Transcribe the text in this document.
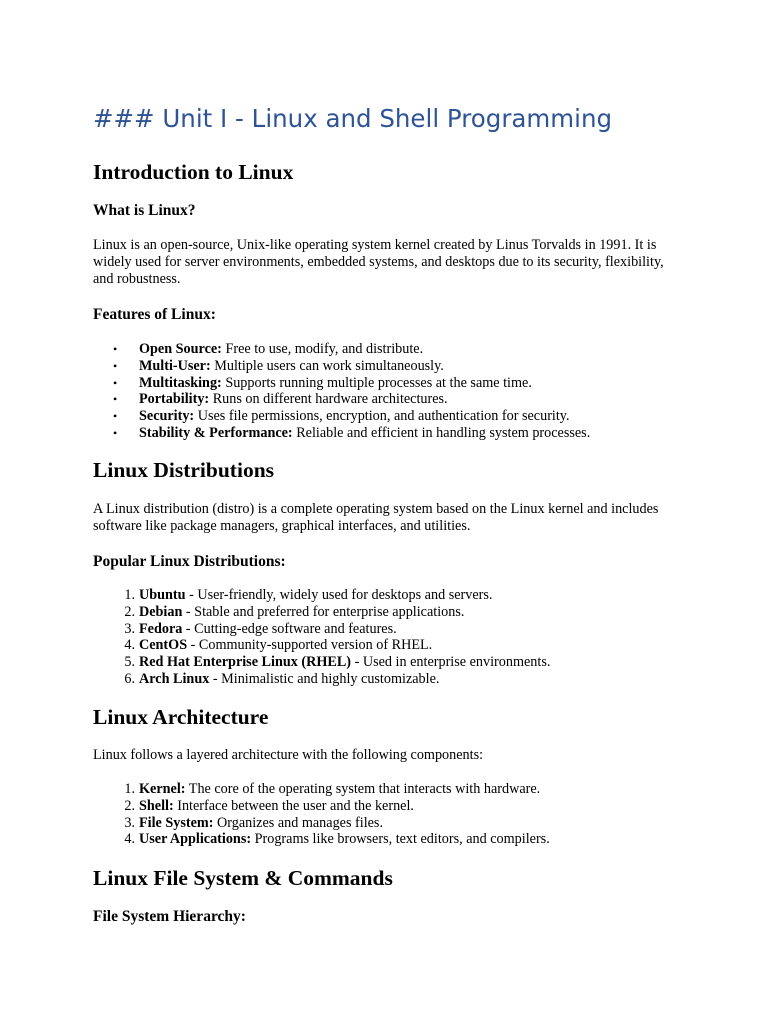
### Unit I - Linux and Shell Programming
Introduction to Linux
What is Linux?

Linux is an open-source, Unix-like operating system kernel created by Linus Torvalds in 1991. It is widely used for server environments, embedded systems, and desktops due to its security, flexibility, and robustness.

Features of Linux:
• Open Source: Free to use, modify, and distribute.
• Multi-User: Multiple users can work simultaneously.
• Multitasking: Supports running multiple processes at the same time.
• Portability: Runs on different hardware architectures.
• Security: Uses file permissions, encryption, and authentication for security.
• Stability & Performance: Reliable and efficient in handling system processes.
Linux Distributions

A Linux distribution (distro) is a complete operating system based on the Linux kernel and includes software like package managers, graphical interfaces, and utilities.

Popular Linux Distributions:
1. Ubuntu - User-friendly, widely used for desktops and servers.
2. Debian - Stable and preferred for enterprise applications.
3. Fedora - Cutting-edge software and features.
4. CentOS - Community-supported version of RHEL.
5. Red Hat Enterprise Linux (RHEL) - Used in enterprise environments.
6. Arch Linux - Minimalistic and highly customizable.
Linux Architecture

Linux follows a layered architecture with the following components:

1. Kernel: The core of the operating system that interacts with hardware.
2. Shell: Interface between the user and the kernel.
3. File System: Organizes and manages files.
4. User Applications: Programs like browsers, text editors, and compilers.
Linux File System & Commands
File System Hierarchy:
